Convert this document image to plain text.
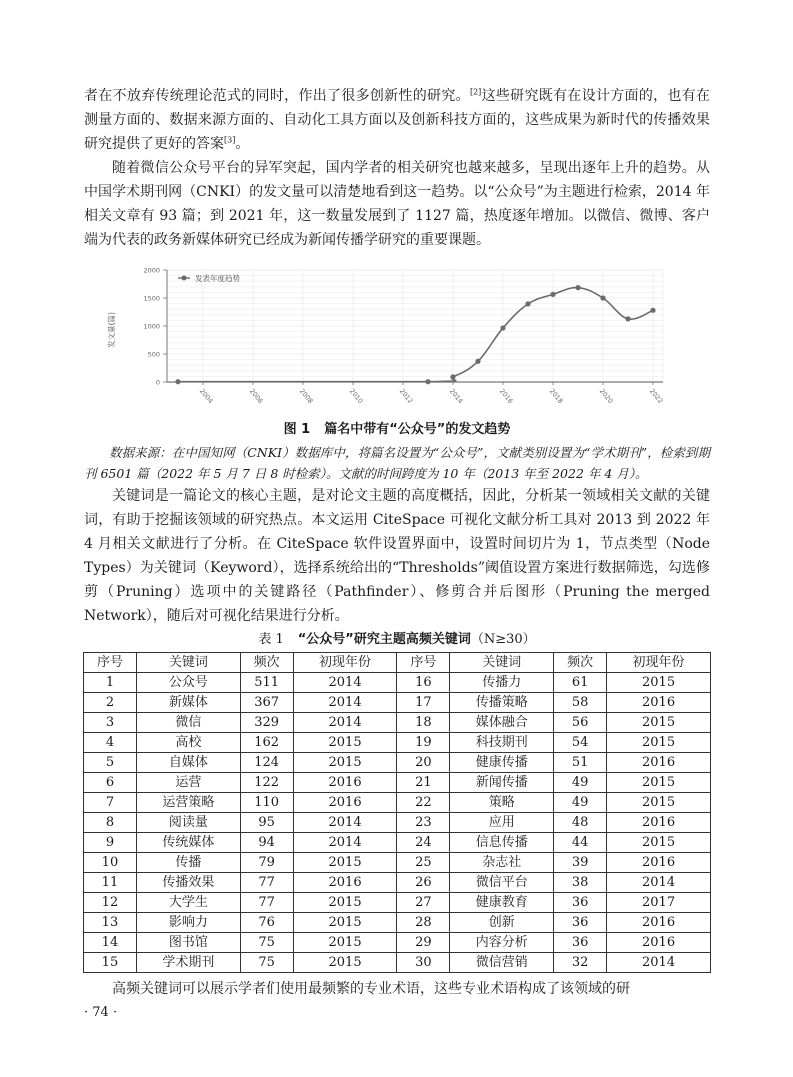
者在不放弃传统理论范式的同时，作出了很多创新性的研究。[2]这些研究既有在设计方面的，也有在测量方面的、数据来源方面的、自动化工具方面以及创新科技方面的，这些成果为新时代的传播效果研究提供了更好的答案[3]。

随着微信公众号平台的异军突起，国内学者的相关研究也越来越多，呈现出逐年上升的趋势。从中国学术期刊网（CNKI）的发文量可以清楚地看到这一趋势。以“公众号”为主题进行检索，2014 年相关文章有 93 篇；到 2021 年，这一数量发展到了 1127 篇，热度逐年增加。以微信、微博、客户端为代表的政务新媒体研究已经成为新闻传播学研究的重要课题。

发文量(篇)
0
500
1000
1500
2000
2004	2006	2008	2010	2012	2014	2016	2018	2020	2022
发表年度趋势
图 1 篇名中带有“公众号”的发文趋势

数据来源：在中国知网（CNKI）数据库中，将篇名设置为“公众号”，文献类别设置为“学术期刊”，检索到期刊 6501 篇（2022 年 5 月 7 日 8 时检索）。文献的时间跨度为 10 年（2013 年至 2022 年 4 月）。

关键词是一篇论文的核心主题，是对论文主题的高度概括，因此，分析某一领域相关文献的关键词，有助于挖掘该领域的研究热点。本文运用 CiteSpace 可视化文献分析工具对 2013 到 2022 年 4 月相关文献进行了分析。在 CiteSpace 软件设置界面中，设置时间切片为 1，节点类型（Node Types）为关键词（Keyword），选择系统给出的“Thresholds”阈值设置方案进行数据筛选，勾选修剪（Pruning）选项中的关键路径（Pathfinder）、修剪合并后图形（Pruning the merged Network），随后对可视化结果进行分析。

表 1 “公众号”研究主题高频关键词（N≥30）
序号	关键词	频次	初现年份	序号	关键词	频次	初现年份
1	公众号	511	2014	16	传播力	61	2015
2	新媒体	367	2014	17	传播策略	58	2016
3	微信	329	2014	18	媒体融合	56	2015
4	高校	162	2015	19	科技期刊	54	2015
5	自媒体	124	2015	20	健康传播	51	2016
6	运营	122	2016	21	新闻传播	49	2015
7	运营策略	110	2016	22	策略	49	2015
8	阅读量	95	2014	23	应用	48	2016
9	传统媒体	94	2014	24	信息传播	44	2015
10	传播	79	2015	25	杂志社	39	2016
11	传播效果	77	2016	26	微信平台	38	2014
12	大学生	77	2015	27	健康教育	36	2017
13	影响力	76	2015	28	创新	36	2016
14	图书馆	75	2015	29	内容分析	36	2016
15	学术期刊	75	2015	30	微信营销	32	2014

高频关键词可以展示学者们使用最频繁的专业术语，这些专业术语构成了该领域的研

· 74 ·
